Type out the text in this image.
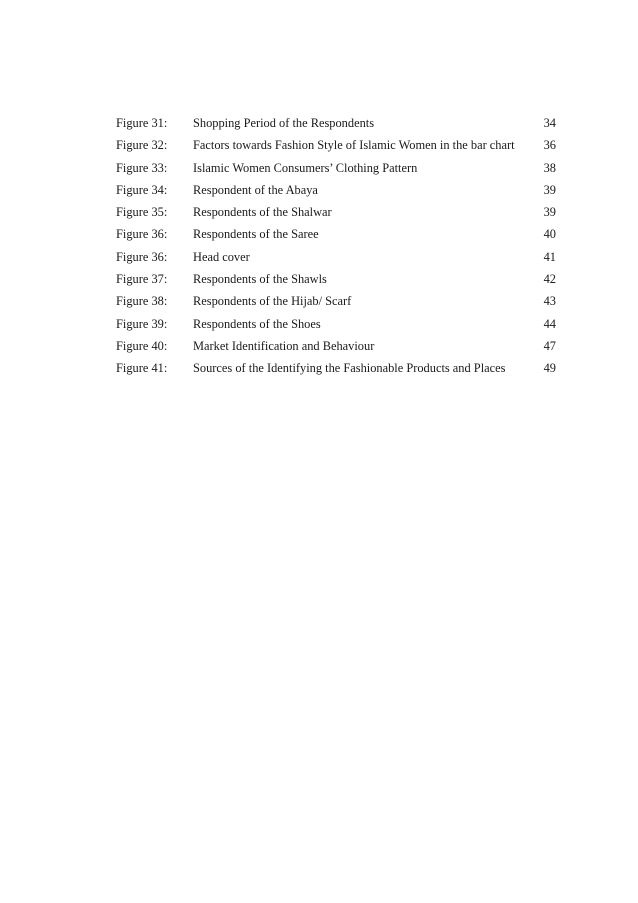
Figure 31: Shopping Period of the Respondents	34
Figure 32: Factors towards Fashion Style of Islamic Women in the bar chart 36
Figure 33: Islamic Women Consumers’ Clothing Pattern	38
Figure 34: Respondent of the Abaya	39
Figure 35: Respondents of the Shalwar	39
Figure 36: Respondents of the Saree	40
Figure 36: Head cover	41
Figure 37: Respondents of the Shawls	42
Figure 38: Respondents of the Hijab/ Scarf	43
Figure 39: Respondents of the Shoes	44
Figure 40: Market Identification and Behaviour	47
Figure 41: Sources of the Identifying the Fashionable Products and Places	49
